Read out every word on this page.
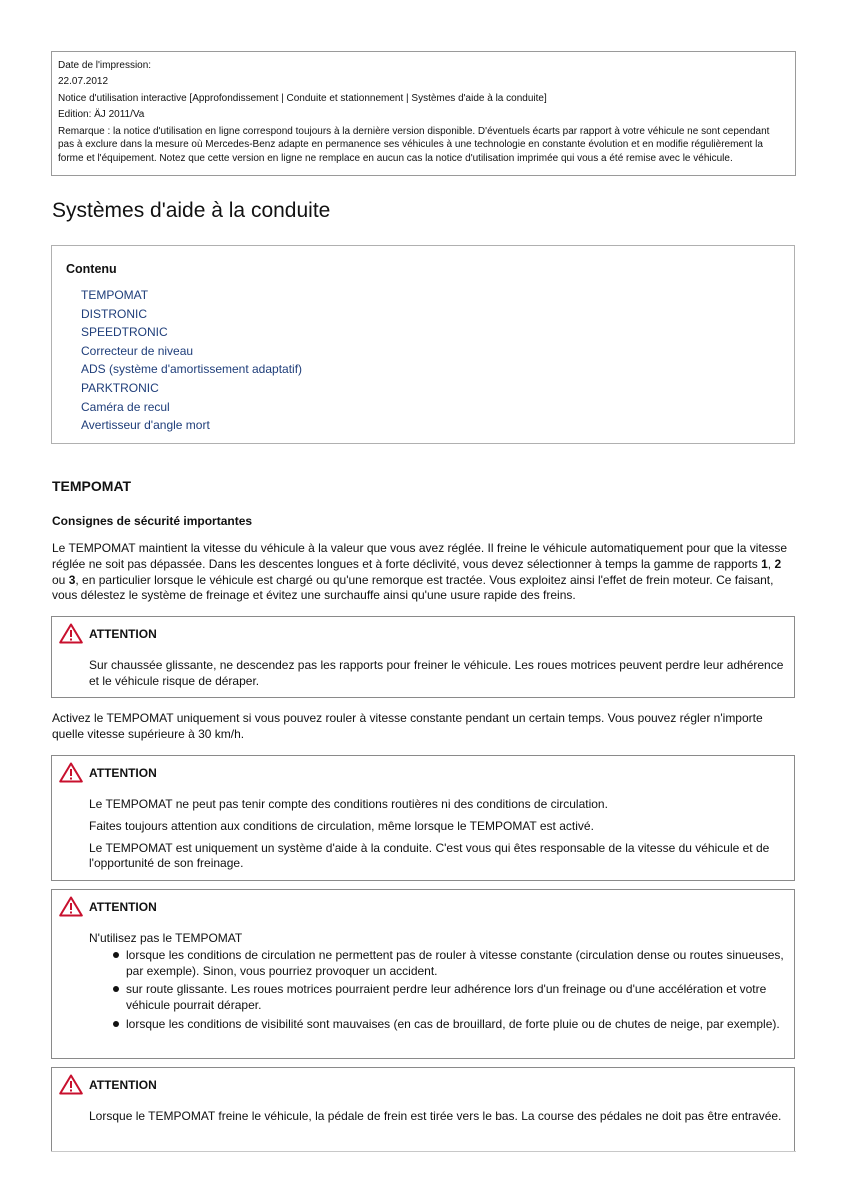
Date de l'impression:

22.07.2012

Notice d'utilisation interactive [Approfondissement | Conduite et stationnement | Systèmes d'aide à la conduite]

Edition: ÄJ 2011/Va

Remarque : la notice d'utilisation en ligne correspond toujours à la dernière version disponible. D'éventuels écarts par rapport à votre véhicule ne sont cependant pas à exclure dans la mesure où Mercedes-Benz adapte en permanence ses véhicules à une technologie en constante évolution et en modifie régulièrement la forme et l'équipement. Notez que cette version en ligne ne remplace en aucun cas la notice d'utilisation imprimée qui vous a été remise avec le véhicule.

Systèmes d'aide à la conduite
Contenu
TEMPOMAT
DISTRONIC
SPEEDTRONIC
Correcteur de niveau
ADS (système d'amortissement adaptatif)
PARKTRONIC
Caméra de recul
Avertisseur d'angle mort
TEMPOMAT
Consignes de sécurité importantes

Le TEMPOMAT maintient la vitesse du véhicule à la valeur que vous avez réglée. Il freine le véhicule automatiquement pour que la vitesse réglée ne soit pas dépassée. Dans les descentes longues et à forte déclivité, vous devez sélectionner à temps la gamme de rapports 1, 2 ou 3, en particulier lorsque le véhicule est chargé ou qu'une remorque est tractée. Vous exploitez ainsi l'effet de frein moteur. Ce faisant, vous délestez le système de freinage et évitez une surchauffe ainsi qu'une usure rapide des freins.

ATTENTION

Sur chaussée glissante, ne descendez pas les rapports pour freiner le véhicule. Les roues motrices peuvent perdre leur adhérence et le véhicule risque de déraper.

Activez le TEMPOMAT uniquement si vous pouvez rouler à vitesse constante pendant un certain temps. Vous pouvez régler n'importe quelle vitesse supérieure à 30 km/h.

ATTENTION

Le TEMPOMAT ne peut pas tenir compte des conditions routières ni des conditions de circulation.

Faites toujours attention aux conditions de circulation, même lorsque le TEMPOMAT est activé.

Le TEMPOMAT est uniquement un système d'aide à la conduite. C'est vous qui êtes responsable de la vitesse du véhicule et de l'opportunité de son freinage.

ATTENTION

N'utilisez pas le TEMPOMAT

lorsque les conditions de circulation ne permettent pas de rouler à vitesse constante (circulation dense ou routes sinueuses, par exemple). Sinon, vous pourriez provoquer un accident.
sur route glissante. Les roues motrices pourraient perdre leur adhérence lors d'un freinage ou d'une accélération et votre véhicule pourrait déraper.
lorsque les conditions de visibilité sont mauvaises (en cas de brouillard, de forte pluie ou de chutes de neige, par exemple).
ATTENTION

Lorsque le TEMPOMAT freine le véhicule, la pédale de frein est tirée vers le bas. La course des pédales ne doit pas être entravée.
